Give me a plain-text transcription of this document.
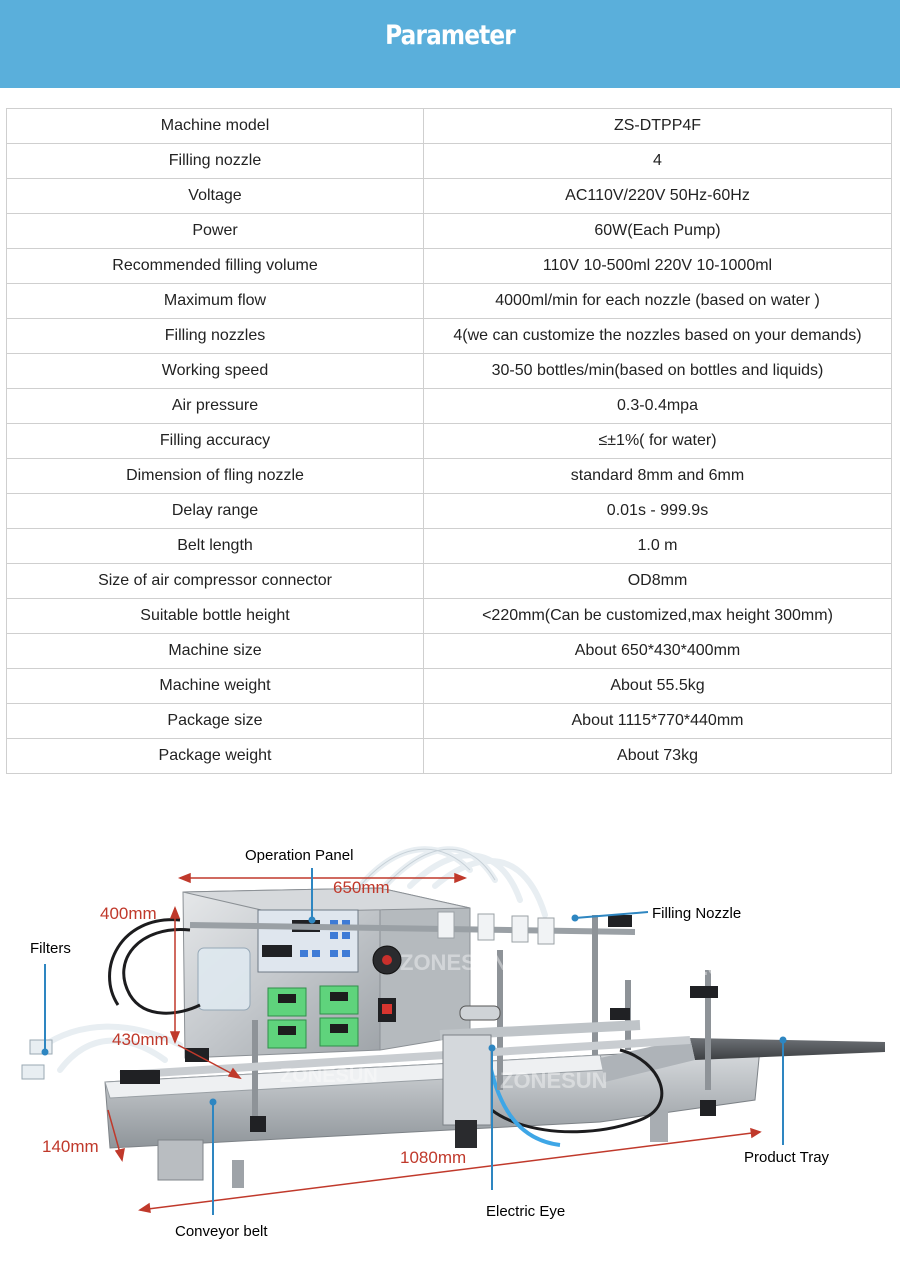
Parameter
Machine model	ZS-DTPP4F
Filling nozzle	4
Voltage	AC110V/220V 50Hz-60Hz
Power	60W(Each Pump)
Recommended filling volume	110V 10-500ml 220V 10-1000ml
Maximum flow	4000ml/min for each nozzle (based on water )
Filling nozzles	4(we can customize the nozzles based on your demands)
Working speed	30-50 bottles/min(based on bottles and liquids)
Air pressure	0.3-0.4mpa
Filling accuracy	≤±1%( for water)
Dimension of fling nozzle	standard 8mm and 6mm
Delay range	0.01s - 999.9s
Belt length	1.0 m
Size of air compressor connector	OD8mm
Suitable bottle height	<220mm(Can be customized,max height 300mm)
Machine size	About 650*430*400mm
Machine weight	About 55.5kg
Package size	About 1115*770*440mm
Package weight	About 73kg
ZONESUN
ZONESUN
ZONESUN
ZONESUN
Operation Panel
Filling Nozzle
Filters
Product Tray
Conveyor belt
Electric Eye
650mm
400mm
430mm
140mm
1080mm
